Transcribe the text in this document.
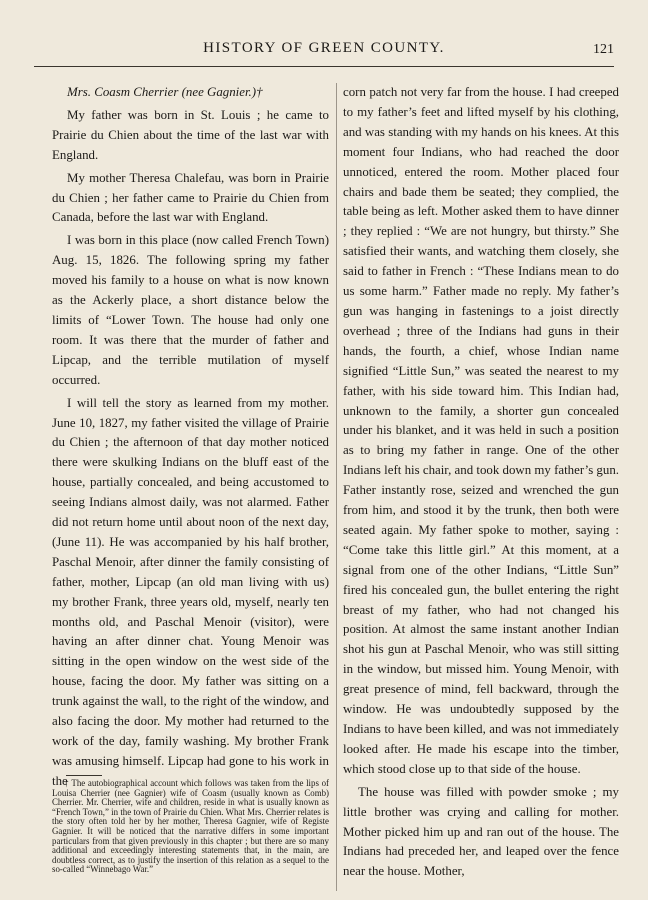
HISTORY OF GREEN COUNTY.	121

Mrs. Coasm Cherrier (nee Gagnier.)†

My father was born in St. Louis ; he came to Prairie du Chien about the time of the last war with England.

My mother Theresa Chalefau, was born in Prairie du Chien ; her father came to Prairie du Chien from Canada, before the last war with England.

I was born in this place (now called French Town) Aug. 15, 1826. The following spring my father moved his family to a house on what is now known as the Ackerly place, a short distance below the limits of “Lower Town. The house had only one room. It was there that the murder of father and Lipcap, and the terrible mutilation of myself occurred.

I will tell the story as learned from my mother. June 10, 1827, my father visited the village of Prairie du Chien ; the afternoon of that day mother noticed there were skulking Indians on the bluff east of the house, partially concealed, and being accustomed to seeing Indians almost daily, was not alarmed. Father did not return home until about noon of the next day, (June 11). He was accompanied by his half brother, Paschal Menoir, after dinner the family consisting of father, mother, Lipcap (an old man living with us) my brother Frank, three years old, myself, nearly ten months old, and Paschal Menoir (visitor), were having an after dinner chat. Young Menoir was sitting in the open window on the west side of the house, facing the door. My father was sitting on a trunk against the wall, to the right of the window, and also facing the door. My mother had returned to the work of the day, family washing. My brother Frank was amusing himself. Lipcap had gone to his work in the

corn patch not very far from the house. I had creeped to my father’s feet and lifted myself by his clothing, and was standing with my hands on his knees. At this moment four Indians, who had reached the door unnoticed, entered the room. Mother placed four chairs and bade them be seated; they complied, the table being as left. Mother asked them to have dinner ; they replied : “We are not hungry, but thirsty.” She satisfied their wants, and watching them closely, she said to father in French : “These Indians mean to do us some harm.” Father made no reply. My father’s gun was hanging in fastenings to a joist directly overhead ; three of the Indians had guns in their hands, the fourth, a chief, whose Indian name signified “Little Sun,” was seated the nearest to my father, with his side toward him. This Indian had, unknown to the family, a shorter gun concealed under his blanket, and it was held in such a position as to bring my father in range. One of the other Indians left his chair, and took down my father’s gun. Father instantly rose, seized and wrenched the gun from him, and stood it by the trunk, then both were seated again. My father spoke to mother, saying : “Come take this little girl.” At this moment, at a signal from one of the other Indians, “Little Sun” fired his concealed gun, the bullet entering the right breast of my father, who had not changed his position. At almost the same instant another Indian shot his gun at Paschal Menoir, who was still sitting in the window, but missed him. Young Menoir, with great presence of mind, fell backward, through the window. He was undoubtedly supposed by the Indians to have been killed, and was not immediately looked after. He made his escape into the timber, which stood close up to that side of the house.

The house was filled with powder smoke ; my little brother was crying and calling for mother. Mother picked him up and ran out of the house. The Indians had preceded her, and leaped over the fence near the house. Mother,

† The autobiographical account which follows was taken from the lips of Louisa Cherrier (nee Gagnier) wife of Coasm (usually known as Comb) Cherrier. Mr. Cherrier, wife and children, reside in what is usually known as “French Town,” in the town of Prairie du Chien. What Mrs. Cherrier relates is the story often told her by her mother, Theresa Gagnier, wife of Registe Gagnier. It will be noticed that the narrative differs in some important particulars from that given previously in this chapter ; but there are so many additional and exceedingly interesting statements that, in the main, are doubtless correct, as to justify the insertion of this relation as a sequel to the so-called “Winnebago War.”
